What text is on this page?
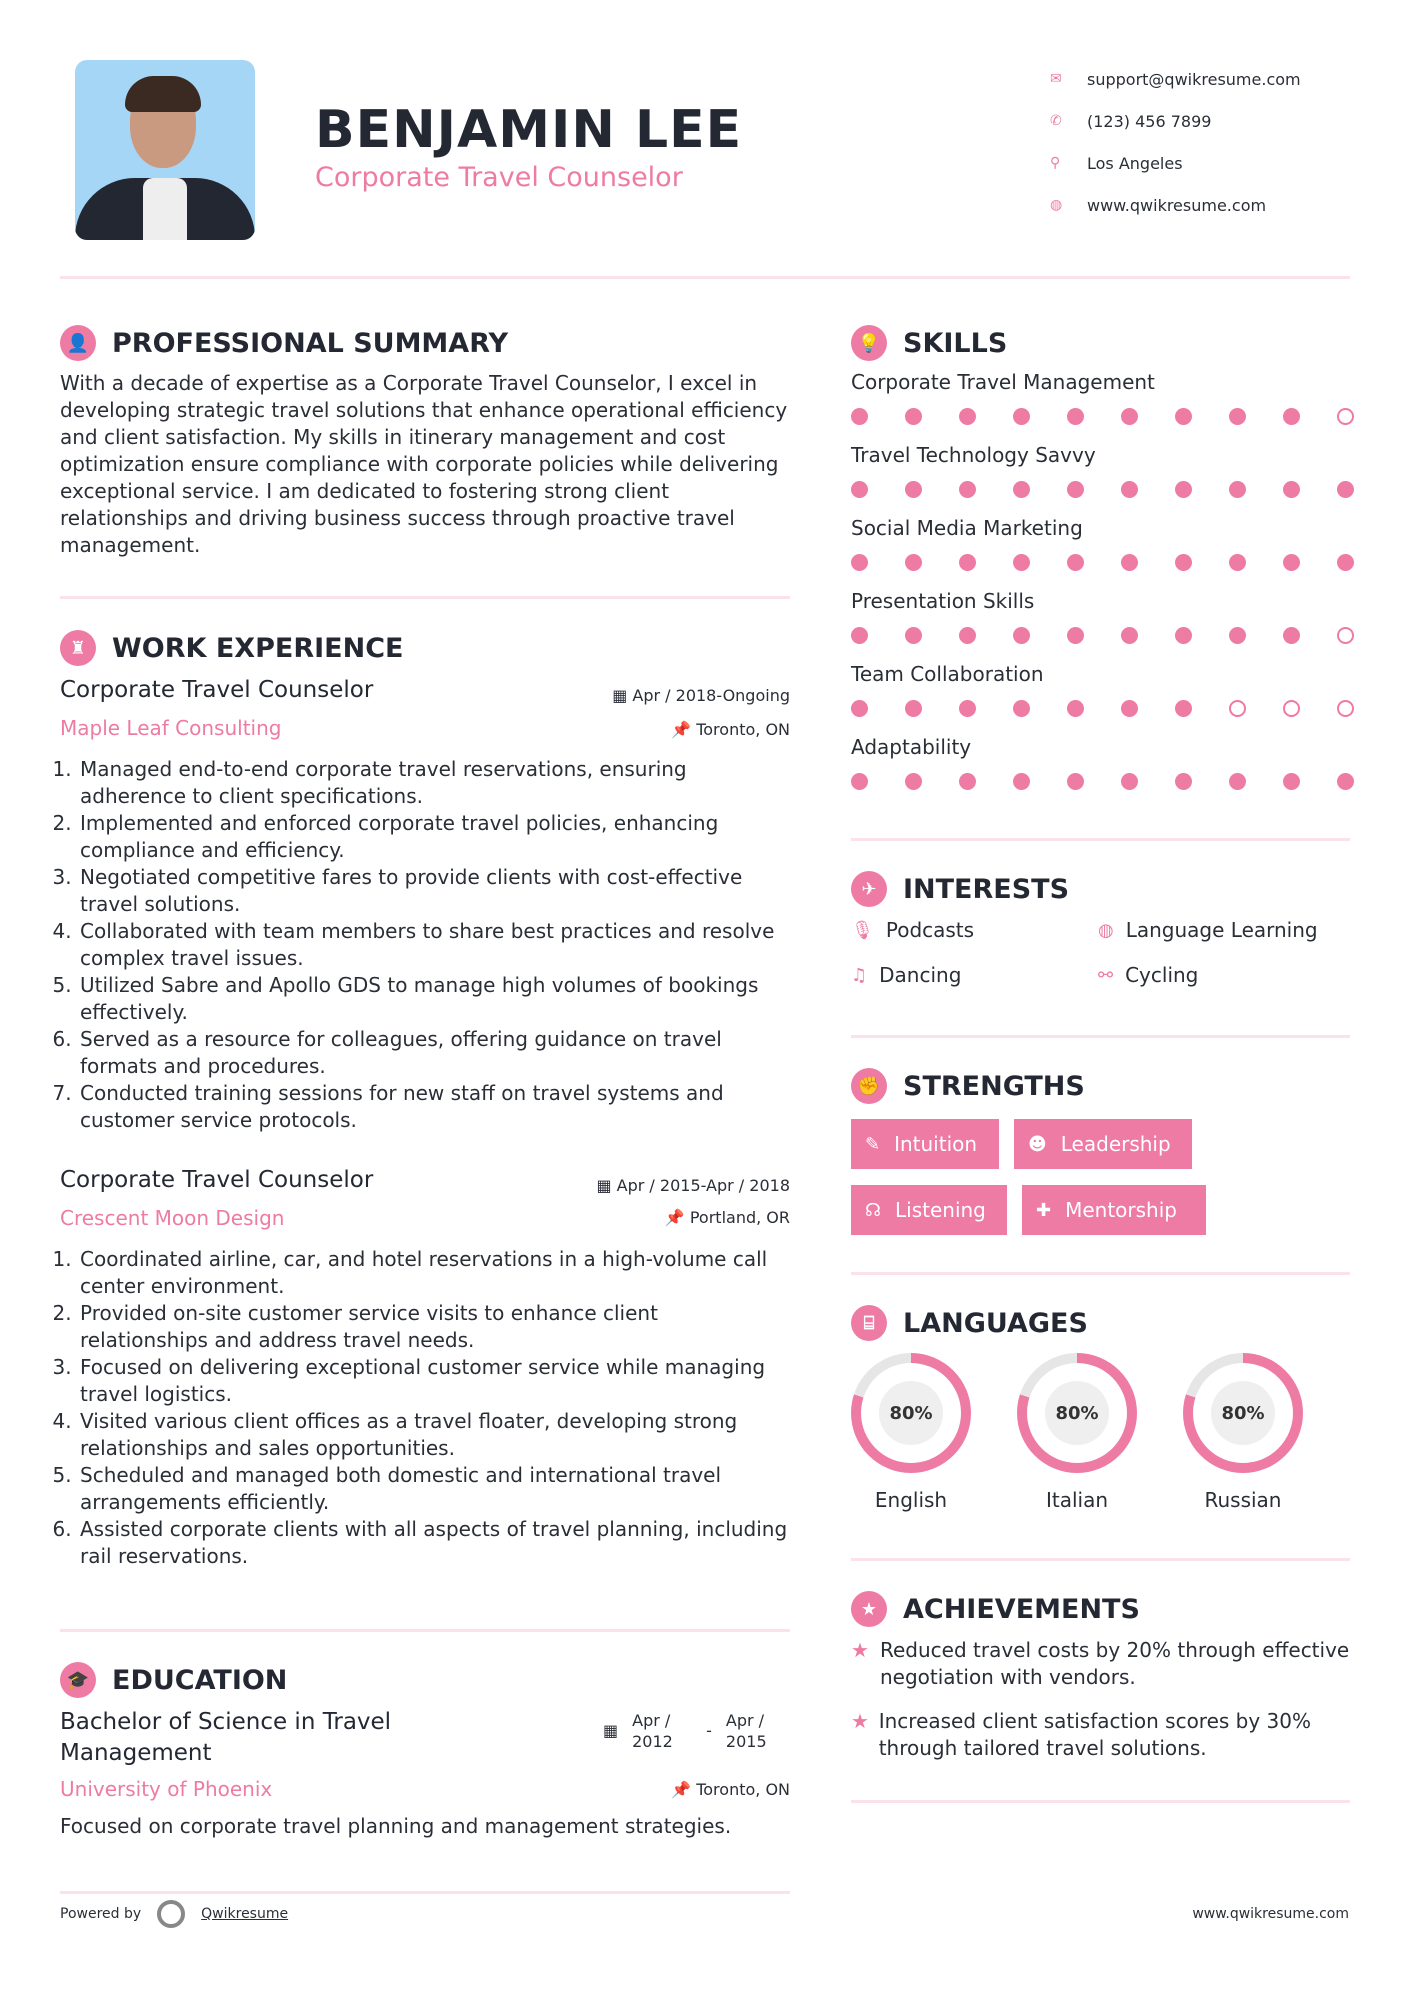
BENJAMIN LEE
Corporate Travel Counselor
✉	support@qwikresume.com
✆	(123) 456 7899
⚲	Los Angeles
◍	www.qwikresume.com
👤 PROFESSIONAL SUMMARY
With a decade of expertise as a Corporate Travel Counselor, I excel in developing strategic travel solutions that enhance operational efficiency and client satisfaction. My skills in itinerary management and cost optimization ensure compliance with corporate policies while delivering exceptional service. I am dedicated to fostering strong client relationships and driving business success through proactive travel management.
♜ WORK EXPERIENCE
Corporate Travel Counselor	▦ Apr / 2018-Ongoing
Maple Leaf Consulting	📌 Toronto, ON
1. Managed end-to-end corporate travel reservations, ensuring adherence to client specifications.
2. Implemented and enforced corporate travel policies, enhancing compliance and efficiency.
3. Negotiated competitive fares to provide clients with cost-effective travel solutions.
4. Collaborated with team members to share best practices and resolve complex travel issues.
5. Utilized Sabre and Apollo GDS to manage high volumes of bookings effectively.
6. Served as a resource for colleagues, offering guidance on travel formats and procedures.
7. Conducted training sessions for new staff on travel systems and customer service protocols.
Corporate Travel Counselor	▦ Apr / 2015-Apr / 2018
Crescent Moon Design	📌 Portland, OR
1. Coordinated airline, car, and hotel reservations in a high-volume call center environment.
2. Provided on-site customer service visits to enhance client relationships and address travel needs.
3. Focused on delivering exceptional customer service while managing travel logistics.
4. Visited various client offices as a travel floater, developing strong relationships and sales opportunities.
5. Scheduled and managed both domestic and international travel arrangements efficiently.
6. Assisted corporate clients with all aspects of travel planning, including rail reservations.
🎓 EDUCATION
Bachelor of Science in Travel Management
▦
Apr / 2012
-
Apr / 2015
University of Phoenix	📌 Toronto, ON
Focused on corporate travel planning and management strategies.
💡 SKILLS
Corporate Travel Management
Travel Technology Savvy
Social Media Marketing
Presentation Skills
Team Collaboration
Adaptability
✈ INTERESTS
🎙 Podcasts	◍ Language Learning
♫ Dancing	⚯ Cycling
✊ STRENGTHS
✎ Intuition	☻ Leadership
☊ Listening	✚ Mentorship
⌸	LANGUAGES
80%
English
80%
Italian
80%
Russian
★ ACHIEVEMENTS
★ Reduced travel costs by 20% through effective negotiation with vendors.
★ Increased client satisfaction scores by 30% through tailored travel solutions.
Powered by	Qwikresume	www.qwikresume.com
